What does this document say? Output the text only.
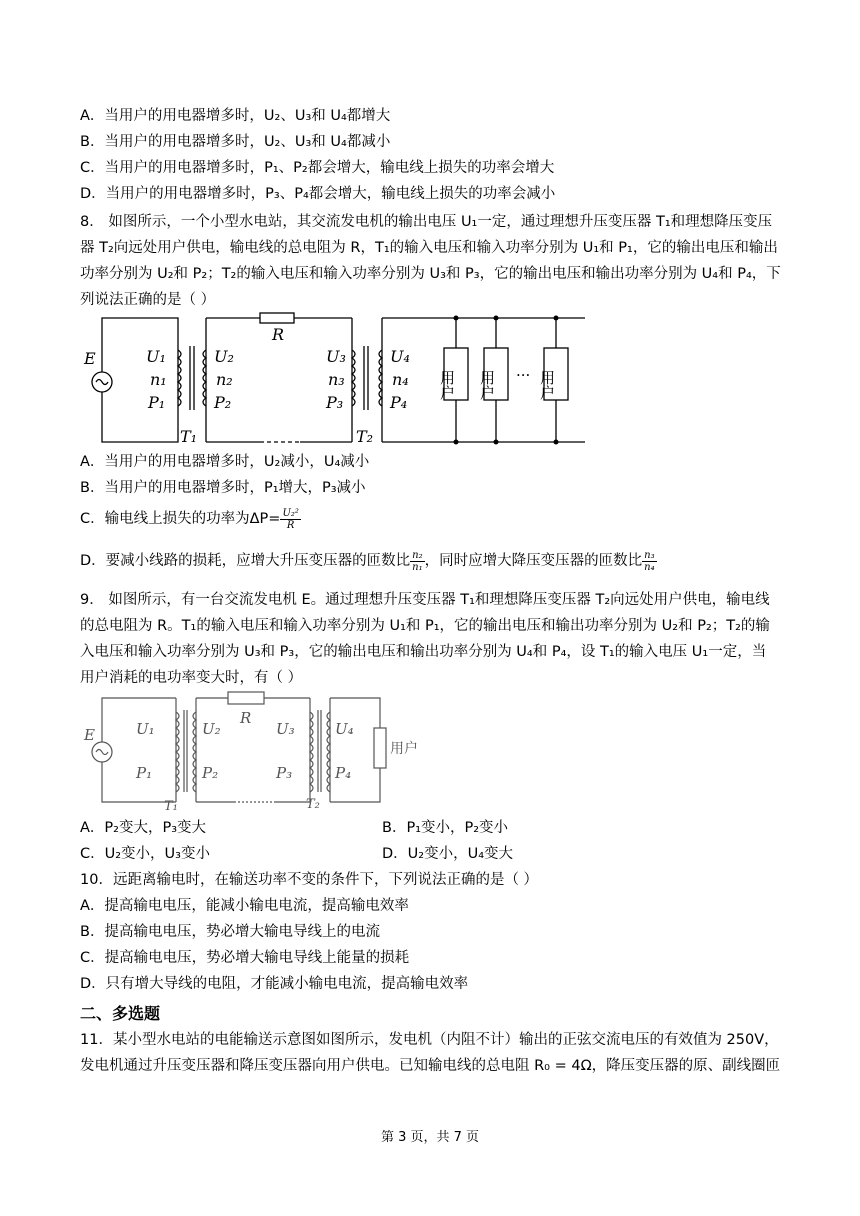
A．当用户的用电器增多时，U₂、U₃和 U₄都增大
B．当用户的用电器增多时，U₂、U₃和 U₄都减小
C．当用户的用电器增多时，P₁、P₂都会增大，输电线上损失的功率会增大
D．当用户的用电器增多时，P₃、P₄都会增大，输电线上损失的功率会减小
8． 如图所示，一个小型水电站，其交流发电机的输出电压 U₁一定，通过理想升压变压器 T₁和理想降压变压
器 T₂向远处用户供电，输电线的总电阻为 R，T₁的输入电压和输入功率分别为 U₁和 P₁，它的输出电压和输出
功率分别为 U₂和 P₂；T₂的输入电压和输入功率分别为 U₃和 P₃，它的输出电压和输出功率分别为 U₄和 P₄，下
列说法正确的是（ ）
E
R
U₁
n₁
P₁
U₂
n₂
P₂
U₃
n₃
P₃
U₄
n₄
P₄
T₁	T₂
用户 用户	用户
···
A．当用户的用电器增多时，U₂减小，U₄减小
B．当用户的用电器增多时，P₁增大，P₃减小
C．输电线上损失的功率为$\Delta P= \frac{\text{U₂²}}{R}$
D．要减小线路的损耗，应增大升压变压器的匝数比 $\frac{\text{n₂}}{\text{n₁}}$ ，同时应增大降压变压器的匝数比 $\frac{\text{n₃}}{\text{n₄}}$
9． 如图所示，有一台交流发电机 E。通过理想升压变压器 T₁和理想降压变压器 T₂向远处用户供电，输电线
的总电阻为 R。T₁的输入电压和输入功率分别为 U₁和 P₁，它的输出电压和输出功率分别为 U₂和 P₂；T₂的输
入电压和输入功率分别为 U₃和 P₃，它的输出电压和输出功率分别为 U₄和 P₄，设 T₁的输入电压 U₁一定，当
用户消耗的电功率变大时，有（ ）
E
R
U₁
P₁
U₂
P₂
U₃
P₃
U₄
P₄
T₁	T₂
用户
A．P₂变大，P₃变大	B．P₁变小，P₂变小
C．U₂变小，U₃变小	D．U₂变小，U₄变大
10．远距离输电时，在输送功率不变的条件下，下列说法正确的是（ ）
A．提高输电电压，能减小输电电流，提高输电效率
B．提高输电电压，势必增大输电导线上的电流
C．提高输电电压，势必增大输电导线上能量的损耗
D．只有增大导线的电阻，才能减小输电电流，提高输电效率
二、多选题
11．某小型水电站的电能输送示意图如图所示，发电机（内阻不计）输出的正弦交流电压的有效值为 250V，
发电机通过升压变压器和降压变压器向用户供电。已知输电线的总电阻 R₀ = 4Ω，降压变压器的原、副线圈匝
第 3 页，共 7 页
